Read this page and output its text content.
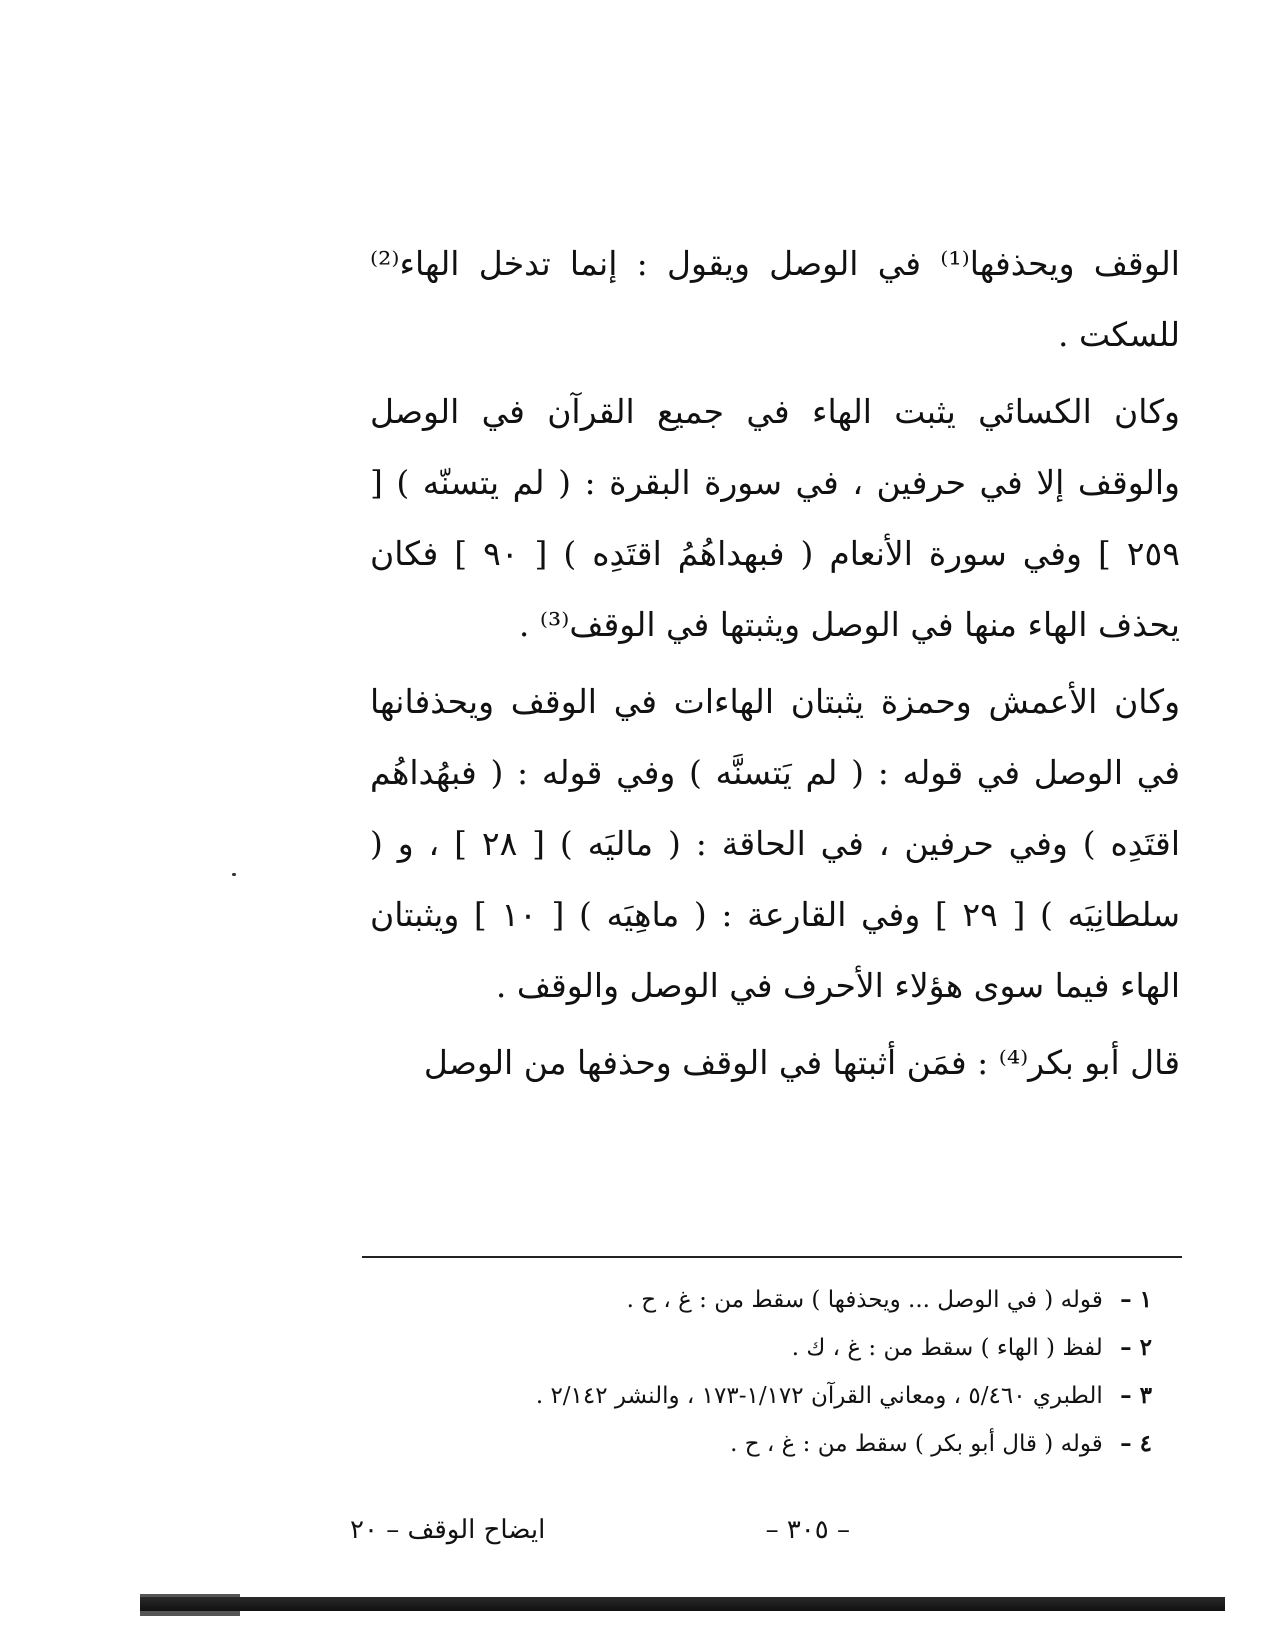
الوقف ويحذفها⁽¹⁾ في الوصل ويقول : إنما تدخل الهاء⁽²⁾ للسكت .

وكان الكسائي يثبت الهاء في جميع القرآن في الوصل والوقف إلا في حرفين ، في سورة البقرة : ( لم يتسنّه ) [ ٢٥٩ ] وفي سورة الأنعام ( فبهداهُمُ اقتَدِه ) [ ٩٠ ] فكان يحذف الهاء منها في الوصل ويثبتها في الوقف⁽³⁾ .

وكان الأعمش وحمزة يثبتان الهاءات في الوقف ويحذفانها في الوصل في قوله : ( لم يَتسنَّه ) وفي قوله : ( فبهُداهُم اقتَدِه ) وفي حرفين ، في الحاقة : ( ماليَه ) [ ٢٨ ] ، و ( سلطانِيَه ) [ ٢٩ ] وفي القارعة : ( ماهِيَه ) [ ١٠ ] ويثبتان الهاء فيما سوى هؤلاء الأحرف في الوصل والوقف .

قال أبو بكر⁽⁴⁾ : فمَن أثبتها في الوقف وحذفها من الوصل

١ – قوله ( في الوصل ... ويحذفها ) سقط من : غ ، ح .
٢ – لفظ ( الهاء ) سقط من : غ ، ك .
٣ – الطبري ٥/٤٦٠ ، ومعاني القرآن ١/١٧٢-١٧٣ ، والنشر ٢/١٤٢ .
٤ – قوله ( قال أبو بكر ) سقط من : غ ، ح .
– ٣٠٥ –
ايضاح الوقف – ٢٠
